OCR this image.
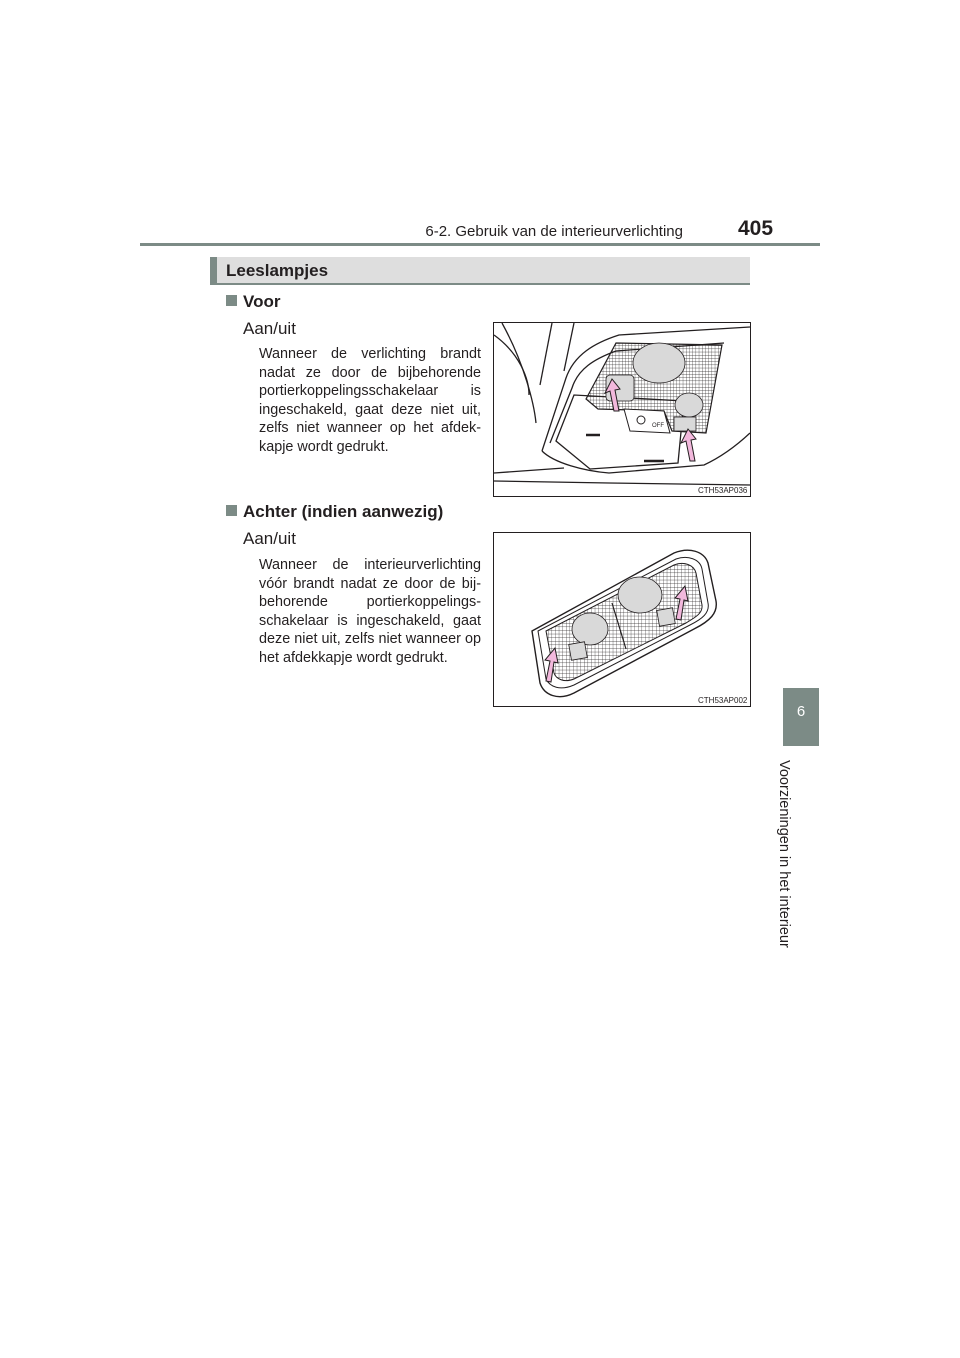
6-2. Gebruik van de interieurverlichting	405
6
Voorzieningen in het interieur
Leeslampjes
Voor
Aan/uit
Wanneer de verlichting brandt nadat ze door de bijbehorende portierkoppelingsschakelaar is ingeschakeld, gaat deze niet uit, zelfs niet wanneer op het afdek-kapje wordt gedrukt.
OFF
CTH53AP036
Achter (indien aanwezig)
Aan/uit
Wanneer de interieurverlichting vóór brandt nadat ze door de bij-behorende portierkoppelings-schakelaar is ingeschakeld, gaat deze niet uit, zelfs niet wanneer op het afdekkapje wordt gedrukt.
CTH53AP002
